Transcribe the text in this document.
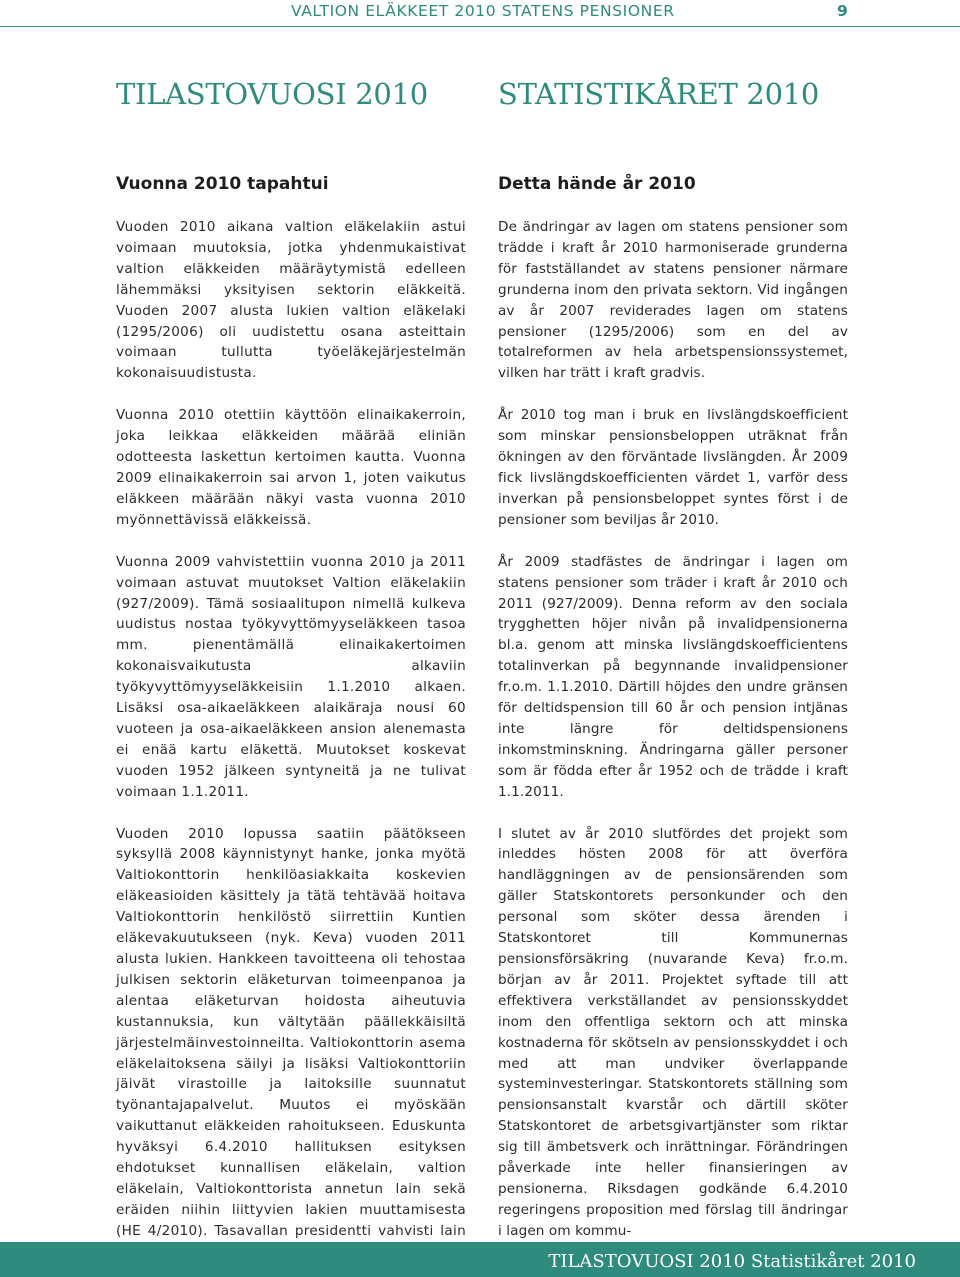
VALTION ELÄKKEET 2010 STATENS PENSIONER	9
TILASTOVUOSI 2010 STATISTIKÅRET 2010
Vuonna 2010 tapahtui

Vuoden 2010 aikana valtion eläkelakiin astui voimaan muutoksia, jotka yhdenmukaistivat valtion eläkkeiden määräytymistä edelleen lähemmäksi yksityisen sektorin eläkkeitä. Vuoden 2007 alusta lukien valtion eläkelaki (1295/2006) oli uudistettu osana asteittain voimaan tullutta työeläkejärjestelmän kokonaisuudistusta.

Vuonna 2010 otettiin käyttöön elinaikakerroin, joka leikkaa eläkkeiden määrää eliniän odotteesta laskettun kertoimen kautta. Vuonna 2009 elinaikakerroin sai arvon 1, joten vaikutus eläkkeen määrään näkyi vasta vuonna 2010 myönnettävissä eläkkeissä.

Vuonna 2009 vahvistettiin vuonna 2010 ja 2011 voimaan astuvat muutokset Valtion eläkelakiin (927/2009). Tämä sosiaalitupon nimellä kulkeva uudistus nostaa työkyvyttömyyseläkkeen tasoa mm. pienentämällä elinaikakertoimen kokonaisvaikutusta alkaviin työkyvyttömyyseläkkeisiin 1.1.2010 alkaen. Lisäksi osa-aikaeläkkeen alaikäraja nousi 60 vuoteen ja osa-aikaeläkkeen ansion alenemasta ei enää kartu eläkettä. Muutokset koskevat vuoden 1952 jälkeen syntyneitä ja ne tulivat voimaan 1.1.2011.

Vuoden 2010 lopussa saatiin päätökseen syksyllä 2008 käynnistynyt hanke, jonka myötä Valtiokonttorin henkilöasiakkaita koskevien eläkeasioiden käsittely ja tätä tehtävää hoitava Valtiokonttorin henkilöstö siirrettiin Kuntien eläkevakuutukseen (nyk. Keva) vuoden 2011 alusta lukien. Hankkeen tavoitteena oli tehostaa julkisen sektorin eläketurvan toimeenpanoa ja alentaa eläketurvan hoidosta aiheutuvia kustannuksia, kun vältytään päällekkäisiltä järjestelmäinvestoinneilta. Valtiokonttorin asema eläkelaitoksena säilyi ja lisäksi Valtiokonttoriin jäivät virastoille ja laitoksille suunnatut työnantajapalvelut. Muutos ei myöskään vaikuttanut eläkkeiden rahoitukseen. Eduskunta hyväksyi 6.4.2010 hallituksen esityksen ehdotukset kunnallisen eläkelain, valtion eläkelain, Valtiokonttorista annetun lain sekä eräiden niihin liittyvien lakien muuttamisesta (HE 4/2010). Tasavallan presidentti vahvisti lain

Detta hände år 2010

De ändringar av lagen om statens pensioner som trädde i kraft år 2010 harmoniserade grunderna för fastställandet av statens pensioner närmare grunderna inom den privata sektorn. Vid ingången av år 2007 reviderades lagen om statens pensioner (1295/2006) som en del av totalreformen av hela arbetspensionssystemet, vilken har trätt i kraft gradvis.

År 2010 tog man i bruk en livslängdskoefficient som minskar pensionsbeloppen uträknat från ökningen av den förväntade livslängden. År 2009 fick livslängdskoefficienten värdet 1, varför dess inverkan på pensionsbeloppet syntes först i de pensioner som beviljas år 2010.

År 2009 stadfästes de ändringar i lagen om statens pensioner som träder i kraft år 2010 och 2011 (927/2009). Denna reform av den sociala trygghetten höjer nivån på invalidpensionerna bl.a. genom att minska livslängdskoefficientens totalinverkan på begynnande invalidpensioner fr.o.m. 1.1.2010. Därtill höjdes den undre gränsen för deltidspension till 60 år och pension intjänas inte längre för deltidspensionens inkomstminskning. Ändringarna gäller personer som är födda efter år 1952 och de trädde i kraft 1.1.2011.

I slutet av år 2010 slutfördes det projekt som inleddes hösten 2008 för att överföra handläggningen av de pensionsärenden som gäller Statskontorets personkunder och den personal som sköter dessa ärenden i Statskontoret till Kommunernas pensionsförsäkring (nuvarande Keva) fr.o.m. början av år 2011. Projektet syftade till att effektivera verkställandet av pensionsskyddet inom den offentliga sektorn och att minska kostnaderna för skötseln av pensionsskyddet i och med att man undviker överlappande systeminvesteringar. Statskontorets ställning som pensionsanstalt kvarstår och därtill sköter Statskontoret de arbetsgivartjänster som riktar sig till ämbetsverk och inrättningar. Förändringen påverkade inte heller finansieringen av pensionerna. Riksdagen godkände 6.4.2010 regeringens proposition med förslag till ändringar i lagen om kommu-

TILASTOVUOSI 2010 Statistikåret 2010
